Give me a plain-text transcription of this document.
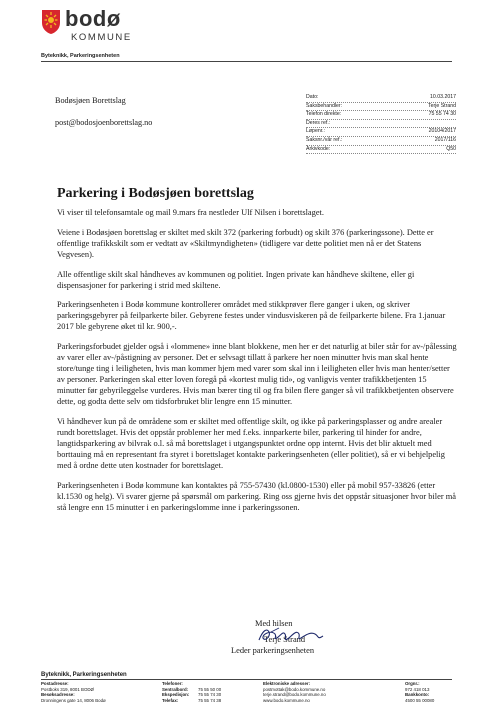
bodø
KOMMUNE
Byteknikk, Parkeringsenheten
Bodøsjøen Borettslag
post@bodosjoenborettslag.no
Dato:	10.03.2017
Saksbehandler:	Terje Strand
Telefon direkte:	75 55 74 30
Deres ref.:
Løpenr.:	20104/2017
Saksnr./vår ref.:	2017/116
Arkivkode:	Q50
Parkering i Bodøsjøen borettslag

Vi viser til telefonsamtale og mail 9.mars fra nestleder Ulf Nilsen i borettslaget.

Veiene i Bodøsjøen borettslag er skiltet med skilt 372 (parkering forbudt) og skilt 376 (parkeringssone). Dette er offentlige trafikkskilt som er vedtatt av «Skiltmyndigheten» (tidligere var dette politiet men nå er det Statens Vegvesen).

Alle offentlige skilt skal håndheves av kommunen og politiet. Ingen private kan håndheve skiltene, eller gi dispensasjoner for parkering i strid med skiltene.

Parkeringsenheten i Bodø kommune kontrollerer området med stikkprøver flere ganger i uken, og skriver parkeringsgebyrer på feilparkerte biler. Gebyrene festes under vindusviskeren på de feilparkerte bilene. Fra 1.januar 2017 ble gebyrene øket til kr. 900,-.

Parkeringsforbudet gjelder også i «lommene» inne blant blokkene, men her er det naturlig at biler står for av-/pålessing av varer eller av-/påstigning av personer. Det er selvsagt tillatt å parkere her noen minutter hvis man skal hente store/tunge ting i leiligheten, hvis man kommer hjem med varer som skal inn i leiligheten eller hvis man henter/setter av personer. Parkeringen skal etter loven foregå på «kortest mulig tid», og vanligvis venter trafikkbetjenten 15 minutter før gebyrileggelse vurderes. Hvis man bærer ting til og fra bilen flere ganger så vil trafikkbetjenten observere dette, og godta dette selv om tidsforbruket blir lengre enn 15 minutter.

Vi håndhever kun på de områdene som er skiltet med offentlige skilt, og ikke på parkeringsplasser og andre arealer rundt borettslaget. Hvis det oppstår problemer her med f.eks. innparkerte biler, parkering til hinder for andre, langtidsparkering av bilvrak o.l. så må borettslaget i utgangspunktet ordne opp internt. Hvis det blir aktuelt med borttauing må en representant fra styret i borettslaget kontakte parkeringsenheten (eller politiet), så er vi behjelpelig med å ordne dette uten kostnader for borettslaget.

Parkeringsenheten i Bodø kommune kan kontaktes på 755-57430 (kl.0800-1530) eller på mobil 957-33826 (etter kl.1530 og helg). Vi svarer gjerne på spørsmål om parkering. Ring oss gjerne hvis det oppstår situasjoner hvor biler må stå lengre enn 15 minutter i en parkeringslomme inne i parkeringssonen.

Med hilsen
Terje Strand
Leder parkeringsenheten
Byteknikk, Parkeringsenheten
Postadresse:
Postboks 319, 8001 BODØ
Besøksadresse:
Dronningens gate 14, 8006 Bodø
Telefoner:
Sentralbord:	75 55 50 00
Ekspedisjon:	75 55 74 30
Telefax:	75 55 74 38
Elektroniske adresser:
postmottak@bodo.kommune.no
terje.strand@bodo.kommune.no
www.bodo.kommune.no
Orgnr.:
972 418 013
Bankkonto:
4500 55 00080
